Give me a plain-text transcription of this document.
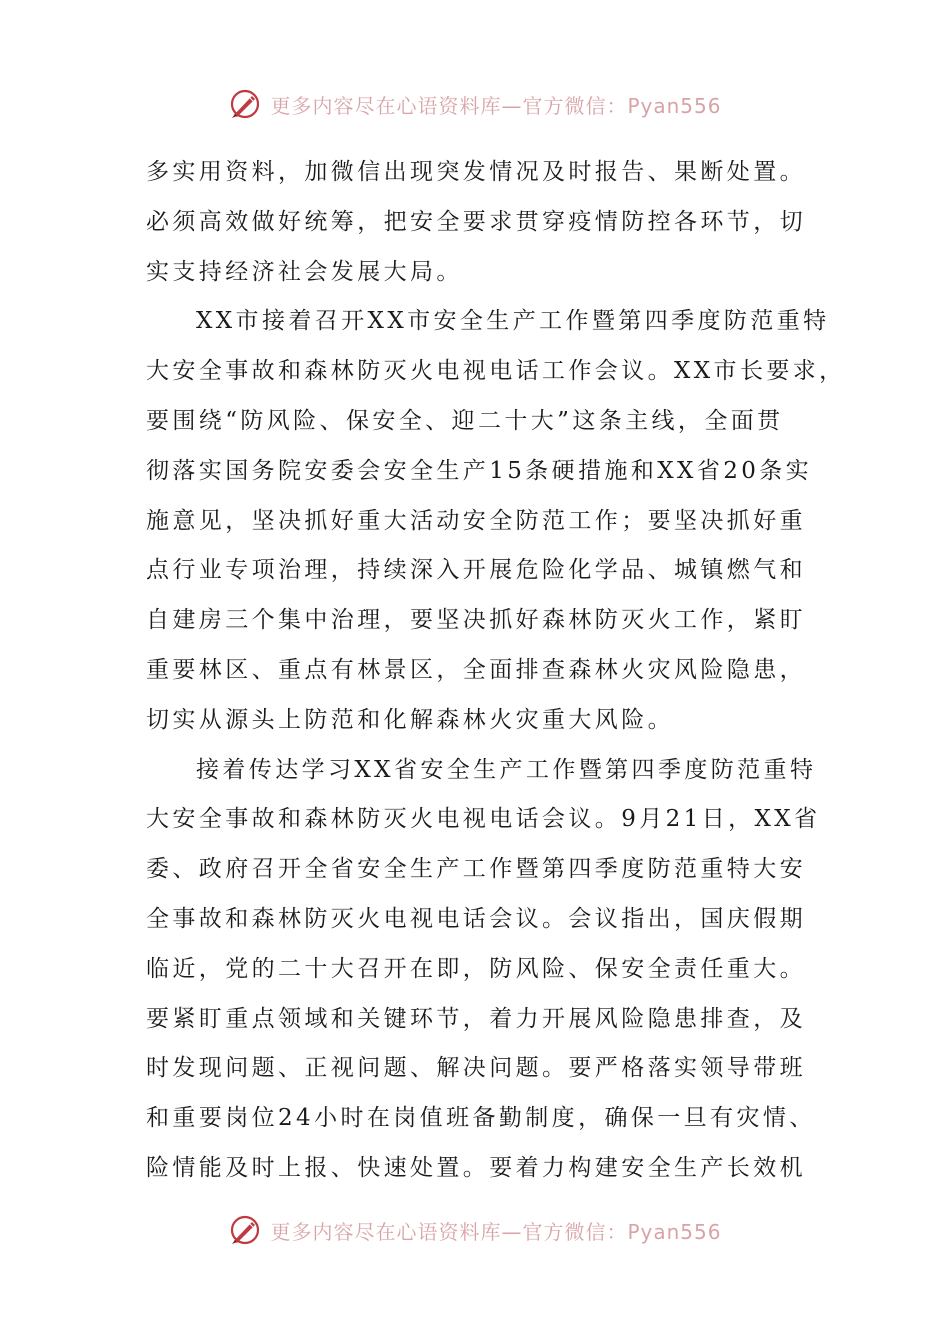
更多内容尽在心语资料库—官方微信：Pyan556
多实用资料，加微信出现突发情况及时报告、果断处置。
必须高效做好统筹，把安全要求贯穿疫情防控各环节，切
实支持经济社会发展大局。
XX市接着召开XX市安全生产工作暨第四季度防范重特
大安全事故和森林防灭火电视电话工作会议。XX市长要求，
要围绕“防风险、保安全、迎二十大”这条主线，全面贯
彻落实国务院安委会安全生产15条硬措施和XX省20条实
施意见，坚决抓好重大活动安全防范工作；要坚决抓好重
点行业专项治理，持续深入开展危险化学品、城镇燃气和
自建房三个集中治理，要坚决抓好森林防灭火工作，紧盯
重要林区、重点有林景区，全面排查森林火灾风险隐患，
切实从源头上防范和化解森林火灾重大风险。
接着传达学习XX省安全生产工作暨第四季度防范重特
大安全事故和森林防灭火电视电话会议。9月21日，XX省
委、政府召开全省安全生产工作暨第四季度防范重特大安
全事故和森林防灭火电视电话会议。会议指出，国庆假期
临近，党的二十大召开在即，防风险、保安全责任重大。
要紧盯重点领域和关键环节，着力开展风险隐患排查，及
时发现问题、正视问题、解决问题。要严格落实领导带班
和重要岗位24小时在岗值班备勤制度，确保一旦有灾情、
险情能及时上报、快速处置。要着力构建安全生产长效机
更多内容尽在心语资料库—官方微信：Pyan556
